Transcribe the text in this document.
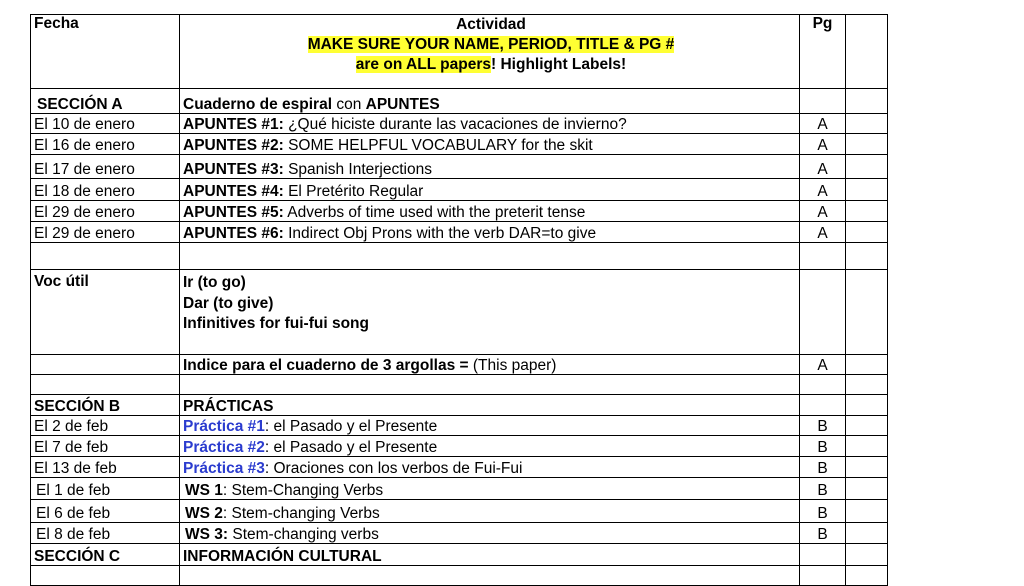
Fecha	Actividad
MAKE SURE YOUR NAME, PERIOD, TITLE & PG #
are on ALL papers! Highlight Labels!	Pg	
SECCIÓN A	Cuaderno de espiral con APUNTES		
El 10 de enero	APUNTES #1: ¿Qué hiciste durante las vacaciones de invierno?	A	
El 16 de enero	APUNTES #2: SOME HELPFUL VOCABULARY for the skit	A	
El 17 de enero	APUNTES #3: Spanish Interjections	A	
El 18 de enero	APUNTES #4: El Pretérito Regular	A	
El 29 de enero	APUNTES #5: Adverbs of time used with the preterit tense	A	
El 29 de enero	APUNTES #6: Indirect Obj Prons with the verb DAR=to give	A	

Voc útil	Ir (to go)
Dar (to give)
Infinitives for fui-fui song		

	Indice para el cuaderno de 3 argollas = (This paper)	A	

SECCIÓN B	PRÁCTICAS		
El 2 de feb	Práctica #1: el Pasado y el Presente	B	
El 7 de feb	Práctica #2: el Pasado y el Presente	B	
El 13 de feb	Práctica #3: Oraciones con los verbos de Fui-Fui	B	
El 1 de feb	WS 1: Stem-Changing Verbs	B	
El 6 de feb	WS 2: Stem-changing Verbs	B	
El 8 de feb	WS 3: Stem-changing verbs	B	
SECCIÓN C	INFORMACIÓN CULTURAL		
